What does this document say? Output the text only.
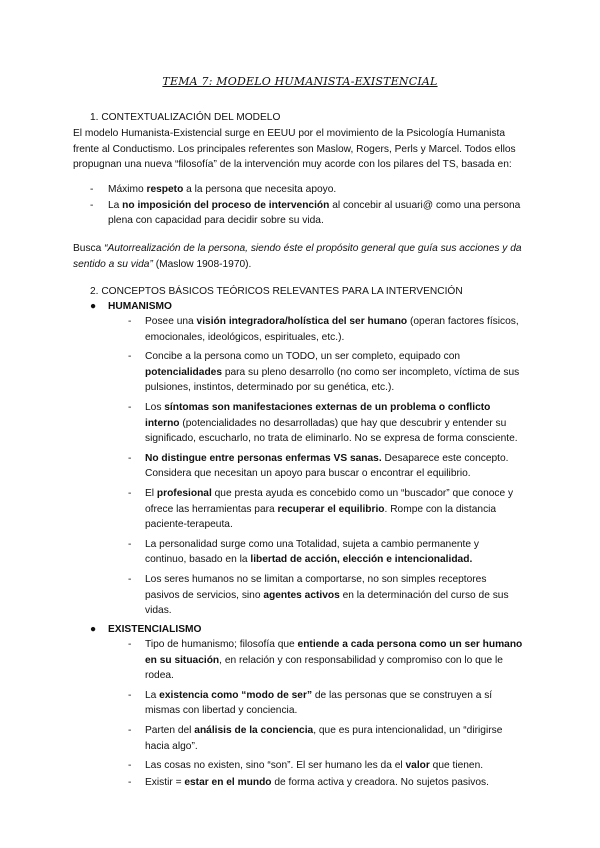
TEMA 7: MODELO HUMANISTA-EXISTENCIAL
1. CONTEXTUALIZACIÓN DEL MODELO

El modelo Humanista-Existencial surge en EEUU por el movimiento de la Psicología Humanista frente al Conductismo. Los principales referentes son Maslow, Rogers, Perls y Marcel. Todos ellos propugnan una nueva “filosofía” de la intervención muy acorde con los pilares del TS, basada en:

- Máximo respeto a la persona que necesita apoyo.
- La no imposición del proceso de intervención al concebir al usuari@ como una persona plena con capacidad para decidir sobre su vida.

Busca “Autorrealización de la persona, siendo éste el propósito general que guía sus acciones y da sentido a su vida” (Maslow 1908-1970).

2. CONCEPTOS BÁSICOS TEÓRICOS RELEVANTES PARA LA INTERVENCIÓN
● HUMANISMO
- Posee una visión integradora/holística del ser humano (operan factores físicos, emocionales, ideológicos, espirituales, etc.).
- Concibe a la persona como un TODO, un ser completo, equipado con potencialidades para su pleno desarrollo (no como ser incompleto, víctima de sus pulsiones, instintos, determinado por su genética, etc.).
- Los síntomas son manifestaciones externas de un problema o conflicto interno (potencialidades no desarrolladas) que hay que descubrir y entender su significado, escucharlo, no trata de eliminarlo. No se expresa de forma consciente.
- No distingue entre personas enfermas VS sanas. Desaparece este concepto. Considera que necesitan un apoyo para buscar o encontrar el equilibrio.
- El profesional que presta ayuda es concebido como un “buscador” que conoce y ofrece las herramientas para recuperar el equilibrio. Rompe con la distancia paciente-terapeuta.
- La personalidad surge como una Totalidad, sujeta a cambio permanente y continuo, basado en la libertad de acción, elección e intencionalidad.
- Los seres humanos no se limitan a comportarse, no son simples receptores pasivos de servicios, sino agentes activos en la determinación del curso de sus vidas.
● EXISTENCIALISMO
- Tipo de humanismo; filosofía que entiende a cada persona como un ser humano en su situación, en relación y con responsabilidad y compromiso con lo que le rodea.
- La existencia como “modo de ser” de las personas que se construyen a sí mismas con libertad y conciencia.
- Parten del análisis de la conciencia, que es pura intencionalidad, un “dirigirse hacia algo”.
- Las cosas no existen, sino “son”. El ser humano les da el valor que tienen.
- Existir = estar en el mundo de forma activa y creadora. No sujetos pasivos.
